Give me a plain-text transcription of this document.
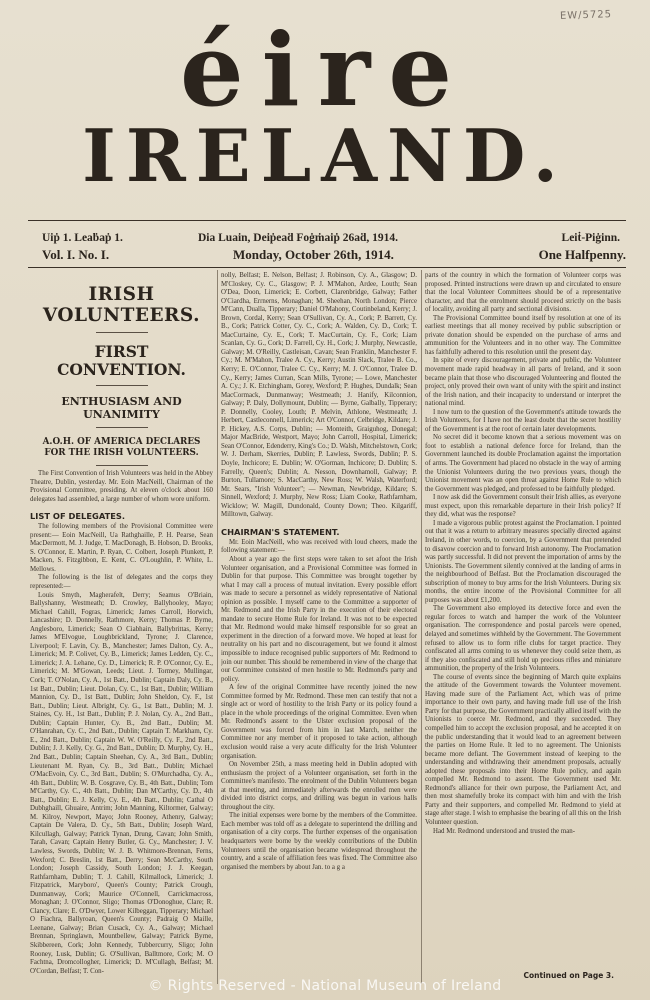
EW/5725
éire
IRELAND.
Uiṗ 1. Leaḃaṗ 1.	Dia Luain, Deiṗeaḋ Foġṁaiṗ 26aḋ, 1914.	Leiṫ-Piġinn.
Vol. I. No. I.	Monday, October 26th, 1914.	One Halfpenny.
IRISH VOLUNTEERS.
FIRST CONVENTION.
ENTHUSIASM AND UNANIMITY
A.O.H. OF AMERICA DECLARES FOR THE IRISH VOLUNTEERS.

The First Convention of Irish Volunteers was held in the Abbey Theatre, Dublin, yesterday. Mr. Eoin MacNeill, Chairman of the Provisional Committee, presiding. At eleven o'clock about 160 delegates had assembled, a large number of whom wore uniform.

LIST OF DELEGATES.

The following members of the Provisional Committee were present:— Eoin MacNeill, Ua Rathghaille, P. H. Pearse, Sean MacDermott, M. J. Judge, T. MacDonagh, B. Hobson, D. Brooks, S. O'Connor, E. Martin, P. Ryan, C. Colbert, Joseph Plunkett, P. Macken, S. Fitzgibbon, E. Kent, C. O'Loughlin, P. White, L. Mellows.

The following is the list of delegates and the corps they represented:—

Louis Smyth, Magherafelt, Derry; Seamus O'Briain, Ballyshanny, Westmeath; D. Crowley, Ballyhooley, Mayo; Michael Cahill, Fogras, Limerick; James Carroll, Horwich, Lancashire; D. Donnelly, Rathmore, Kerry; Thomas P. Byrne, Anglesboro, Limerick; Sean O Ciabhain, Ballybrittas, Kerry; James M'Elvogue, Loughbrickland, Tyrone; J. Clarence, Liverpool; F. Lavin, Cy. B., Manchester; James Dalton, Cy. A., Limerick; M. P. Colivet, Cy. B., Limerick; James Ledden, Cy. C., Limerick; J. A. Lehane, Cy. D., Limerick; R. P. O'Connor, Cy. E., Limerick; M. M'Gowan, Leeds; Lieut. J. Tormey, Mullingar, Cork; T. O'Nolan, Cy. A., 1st Batt., Dublin; Captain Daly, Cy. B., 1st Batt., Dublin; Lieut. Dolan, Cy. C., 1st Batt., Dublin; William Mannion, Cy. D., 1st Batt., Dublin; John Sheldon, Cy. F., 1st Batt., Dublin; Lieut. Albright, Cy. G., 1st Batt., Dublin; M. J. Staines, Cy. H., 1st Batt., Dublin; P. J. Nolan, Cy. A., 2nd Batt., Dublin; Captain Hunter, Cy. B., 2nd Batt., Dublin; M. O'Hanrahan, Cy. C., 2nd Batt., Dublin; Captain T. Markham, Cy. E., 2nd Batt., Dublin; Captain W. W. O'Reilly, Cy. F., 2nd Batt., Dublin; J. J. Kelly, Cy. G., 2nd Batt., Dublin; D. Murphy, Cy. H., 2nd Batt., Dublin; Captain Sheehan, Cy. A., 3rd Batt., Dublin; Lieutenant M. Ryan, Cy. B., 3rd Batt., Dublin; Michael O'MacEvoin, Cy. C., 3rd Batt., Dublin; S. O'Murchadha, Cy. A., 4th Batt., Dublin; W. B. Cosgrave, Cy. B., 4th Batt., Dublin; Tom M'Carthy, Cy. C., 4th Batt., Dublin; Dan M'Carthy, Cy. D., 4th Batt., Dublin; E. J. Kelly, Cy. E., 4th Batt., Dublin; Cathal O Dubhghaill, Ghuaire, Antrim; John Manning, Kiltormer, Galway; M. Kilroy, Newport, Mayo; John Rooney, Athenry, Galway; Captain De Valera, D. Cy., 5th Batt., Dublin; Joseph Ward, Kilcullagh, Galway; Patrick Tynan, Drung, Cavan; John Smith, Tarah, Cavan; Captain Henry Butler, G. Cy., Manchester; J. V. Lawless, Swords, Dublin; W. J. B. Whitmore-Brennan, Ferns, Wexford; C. Breslin, 1st Batt., Derry; Sean McCarthy, South London; Joseph Cassidy, South London; J. J. Keegan, Rathfarnham, Dublin; T. J. Cahill, Kilmallock, Limerick; J. Fitzpatrick, Maryboro', Queen's County; Patrick Crough, Dunmanway, Cork; Maurice O'Connell, Carrickmacross, Monaghan; J. O'Connor, Sligo; Thomas O'Donoghue, Clare; R. Clancy, Clare; E. O'Dwyer, Lower Kilbeggan, Tipperary; Michael O Fiachra, Ballyroan, Queen's County; Padraig O Maille, Leenane, Galway; Brian Cusack, Cy. A., Galway; Michael Brennan, Springlawn, Mountbellew, Galway; Patrick Byrne, Skibbereen, Cork; John Kennedy, Tubbercurry, Sligo; John Rooney, Lusk, Dublin; G. O'Sullivan, Balltmore, Cork; M. O Fachtna, Dromcollogher, Limerick; D. M'Cullagh, Belfast; M. O'Cordan, Belfast; T. Con-

nolly, Belfast; E. Nelson, Belfast; J. Robinson, Cy. A., Glasgow; D. M'Closkey, Cy. C., Glasgow; P. J. M'Mahon, Ardee, Louth; Sean O'Dea, Doon, Limerick; E. Corbett, Clarenbridge, Galway; Father O'Ciardha, Errnerns, Monaghan; M. Sheehan, North London; Pierce M'Cann, Dualla, Tipperary; Daniel O'Mahony, Coutinbeland, Kerry; J. Brown, Cordal, Kerry; Sean O'Sullivan, Cy. A., Cork; P. Barrett, Cy. B., Cork; Patrick Cotter, Cy. C., Cork; A. Walden, Cy. D., Cork; T. MacCurtaine, Cy. E., Cork; T. MacCurtain, Cy. F., Cork; Liam Scanlan, Cy. G., Cork; D. Farrell, Cy. H., Cork; J. Murphy, Newcastle, Galway; M. O'Reilly, Castleisan, Cavan; Sean Franklin, Manchester F. Cy.; M. M'Mahon, Tralee A. Cy., Kerry; Austin Slack, Tralee B. Co., Kerry; E. O'Connor, Tralee C. Cy., Kerry; M. J. O'Connor, Tralee D. Cy., Kerry; James Curran, Scan Mills, Tyrone; — Lowe, Manchester A. Cy.; J. K. Etchingham, Gorey, Wexford; P. Hughes, Dundalk; Sean MacCormack, Dunmanway; Westmeath; J. Hanify, Kilconnion, Galway; P. Daly, Dollymount, Dublin; — Byrne, Galbally, Tipperary; P. Donnelly, Cooley, Louth; P. Melvin, Athlone, Westmeath; J. Herbert, Castleconnell, Limerick; Art O'Connor, Celbridge, Kildare; J. P. Hickey, A.S. Corps, Dublin; — Monteith, Graiguhog, Donegal; Major MacBride, Westport, Mayo; John Carroll, Hospital, Limerick; Sean O'Connor, Edenderry, King's Co.; D. Walsh, Mitchelstown, Cork; W. J. Derham, Skerries, Dublin; P. Lawless, Swords, Dublin; P. S. Doyle, Inchicore; E. Dublin; W. O'Gorman, Inchicore; D. Dublin; S. Farrelly, Queen's; Dublin; A. Nesson, Downhamoll, Galway; P. Burton, Tullamore; S. MacCarthy, New Ross; W. Walsh, Waterford; Mr. Sears, "Irish Volunteer"; — Newman, Newbridge, Kildare; S. Sinnell, Wexford; J. Murphy, New Ross; Liam Cooke, Rathfarnham, Wicklow; W. Magill, Dundonald, County Down; Theo. Kilgariff, Milltown, Galway.

CHAIRMAN'S STATEMENT.

Mr. Eoin MacNeill, who was received with loud cheers, made the following statement:—

About a year ago the first steps were taken to set afoot the Irish Volunteer organisation, and a Provisional Committee was formed in Dublin for that purpose. This Committee was brought together by what I may call a process of mutual invitation. Every possible effort was made to secure a personnel as widely representative of National opinion as possible. I myself came to the Committee a supporter of Mr. Redmond and the Irish Party in the execution of their electoral mandate to secure Home Rule for Ireland. It was not to be expected that Mr. Redmond would make himself responsible for so great an experiment in the direction of a forward move. We hoped at least for neutrality on his part and no discouragement, but we found it almost impossible to induce recognised public supporters of Mr. Redmond to join our number. This should be remembered in view of the charge that our Committee consisted of men hostile to Mr. Redmond's party and policy.

A few of the original Committee have recently joined the new Committee formed by Mr. Redmond. These men can testify that not a single act or word of hostility to the Irish Party or its policy found a place in the whole proceedings of the original Committee. Even when Mr. Redmond's assent to the Ulster exclusion proposal of the Government was forced from him in last March, neither the Committee nor any member of it proposed to take action, although exclusion would raise a very acute difficulty for the Irish Volunteer organisation.

On November 25th, a mass meeting held in Dublin adopted with enthusiasm the project of a Volunteer organisation, set forth in the Committee's manifesto. The enrolment of the Dublin Volunteers began at that meeting, and immediately afterwards the enrolled men were divided into district corps, and drilling was begun in various halls throughout the city.

The initial expenses were borne by the members of the Committee. Each member was told off as a delegate to superintend the drilling and organisation of a city corps. The further expenses of the organisation headquarters were borne by the weekly contributions of the Dublin Volunteers until the organisation became widespread throughout the country, and a scale of affiliation fees was fixed. The Committee also organised the members by about Jan. to a g a

parts of the country in which the formation of Volunteer corps was proposed. Printed instructions were drawn up and circulated to ensure that the local Volunteer Committees should be of a representative character, and that the enrolment should proceed strictly on the basis of locality, avoiding all party and sectional divisions.

The Provisional Committee bound itself by resolution at one of its earliest meetings that all money received by public subscription or private donation should be expended on the purchase of arms and ammunition for the Volunteers and in no other way. The Committee has faithfully adhered to this resolution until the present day.

In spite of every discouragement, private and public, the Volunteer movement made rapid headway in all parts of Ireland, and it soon became plain that those who discouraged Volunteering and flouted the project, only proved their own want of unity with the spirit and instinct of the Irish nation, and their incapacity to understand or interpret the national mind.

I now turn to the question of the Government's attitude towards the Irish Volunteers, for I have not the least doubt that the secret hostility of the Government is at the root of certain later developments.

No secret did it become known that a serious movement was on foot to establish a national defence force for Ireland, than the Government launched its double Proclamation against the importation of arms. The Government had placed no obstacle in the way of arming the Unionist Volunteers during the two previous years, though the Unionist movement was an open threat against Home Rule to which the Government was pledged, and professed to be faithfully pledged.

I now ask did the Government consult their Irish allies, as everyone must expect, upon this remarkable departure in their Irish policy? If they did, what was the response?

I made a vigorous public protest against the Proclamation. I pointed out that it was a return to arbitrary measures specially directed against Ireland, in other words, to coercion, by a Government that pretended to disavow coercion and to forward Irish autonomy. The Proclamation was partly successful. It did not prevent the importation of arms by the Unionists. The Government silently connived at the landing of arms in the neighbourhood of Belfast. But the Proclamation discouraged the subscription of money to buy arms for the Irish Volunteers. During six months, the entire income of the Provisional Committee for all purposes was about £1,200.

The Government also employed its detective force and even the regular forces to watch and hamper the work of the Volunteer organisation. The correspondence and postal parcels were opened, delayed and sometimes withheld by the Government. The Government refused to allow us to form rifle clubs for target practice. They confiscated all arms coming to us whenever they could seize them, as if they also confiscated and still hold up precious rifles and miniature ammunition, the property of the Irish Volunteers.

The course of events since the beginning of March quite explains the attitude of the Government towards the Volunteer movement. Having made sure of the Parliament Act, which was of prime importance to their own party, and having made full use of the Irish Party for that purpose, the Government practically allied itself with the Unionists to coerce Mr. Redmond, and they succeeded. They compelled him to accept the exclusion proposal, and he accepted it on the public understanding that it would lead to an agreement between the parties on Home Rule. It led to no agreement. The Unionists became more defiant. The Government instead of keeping to the understanding and withdrawing their amendment proposals, actually adopted these proposals into their Home Rule policy, and again compelled Mr. Redmond to assent. The Government used Mr. Redmond's alliance for their own purpose, the Parliament Act, and then most shamefully broke its compact with him and with the Irish Party and their supporters, and compelled Mr. Redmond to yield at stage after stage. I wish to emphasise the bearing of all this on the Irish Volunteer question.

Had Mr. Redmond understood and trusted the man-

Continued on Page 3.
© Rights Reserved - National Museum of Ireland
